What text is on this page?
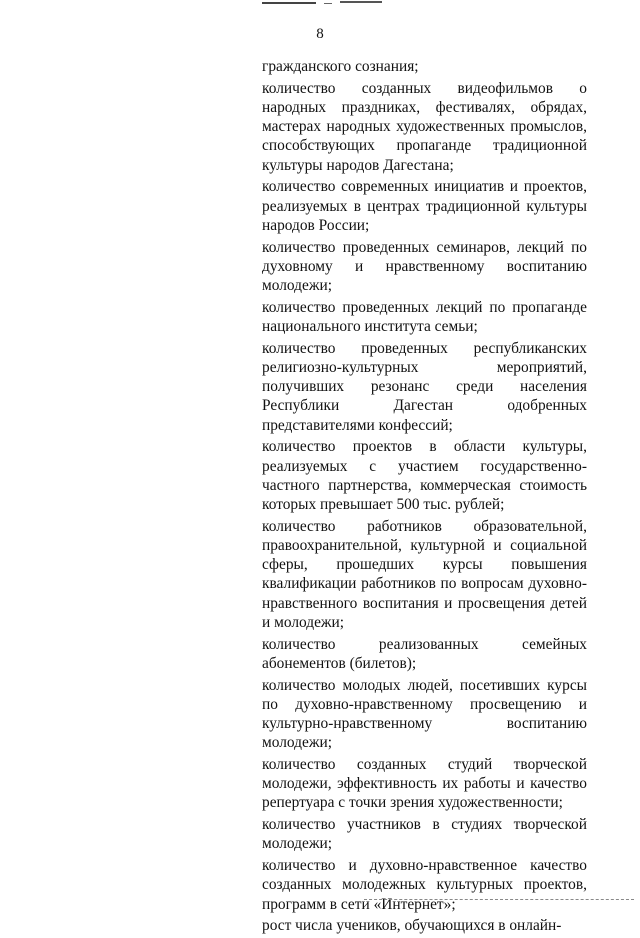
8

гражданского сознания;

количество созданных видеофильмов о народных праздниках, фестивалях, обрядах, мастерах народных художественных промыслов, способствующих пропаганде традиционной культуры народов Дагестана;

количество современных инициатив и проектов, реализуемых в центрах традиционной культуры народов России;

количество проведенных семинаров, лекций по духовному и нравственному воспитанию молодежи;

количество проведенных лекций по пропаганде национального института семьи;

количество проведенных республиканских религиозно-культурных мероприятий, получивших резонанс среди населения Республики Дагестан одобренных представителями конфессий;

количество проектов в области культуры, реализуемых с участием государственно-частного партнерства, коммерческая стоимость которых превышает 500 тыс. рублей;

количество работников образовательной, правоохранительной, культурной и социальной сферы, прошедших курсы повышения квалификации работников по вопросам духовно-нравственного воспитания и просвещения детей и молодежи;

количество реализованных семейных абонементов (билетов);

количество молодых людей, посетивших курсы по духовно-нравственному просвещению и культурно-нравственному воспитанию молодежи;

количество созданных студий творческой молодежи, эффективность их работы и качество репертуара с точки зрения художественности;

количество участников в студиях творческой молодежи;

количество и духовно-нравственное качество созданных молодежных культурных проектов, программ в сети «Интернет»;

рост числа учеников, обучающихся в онлайн-
